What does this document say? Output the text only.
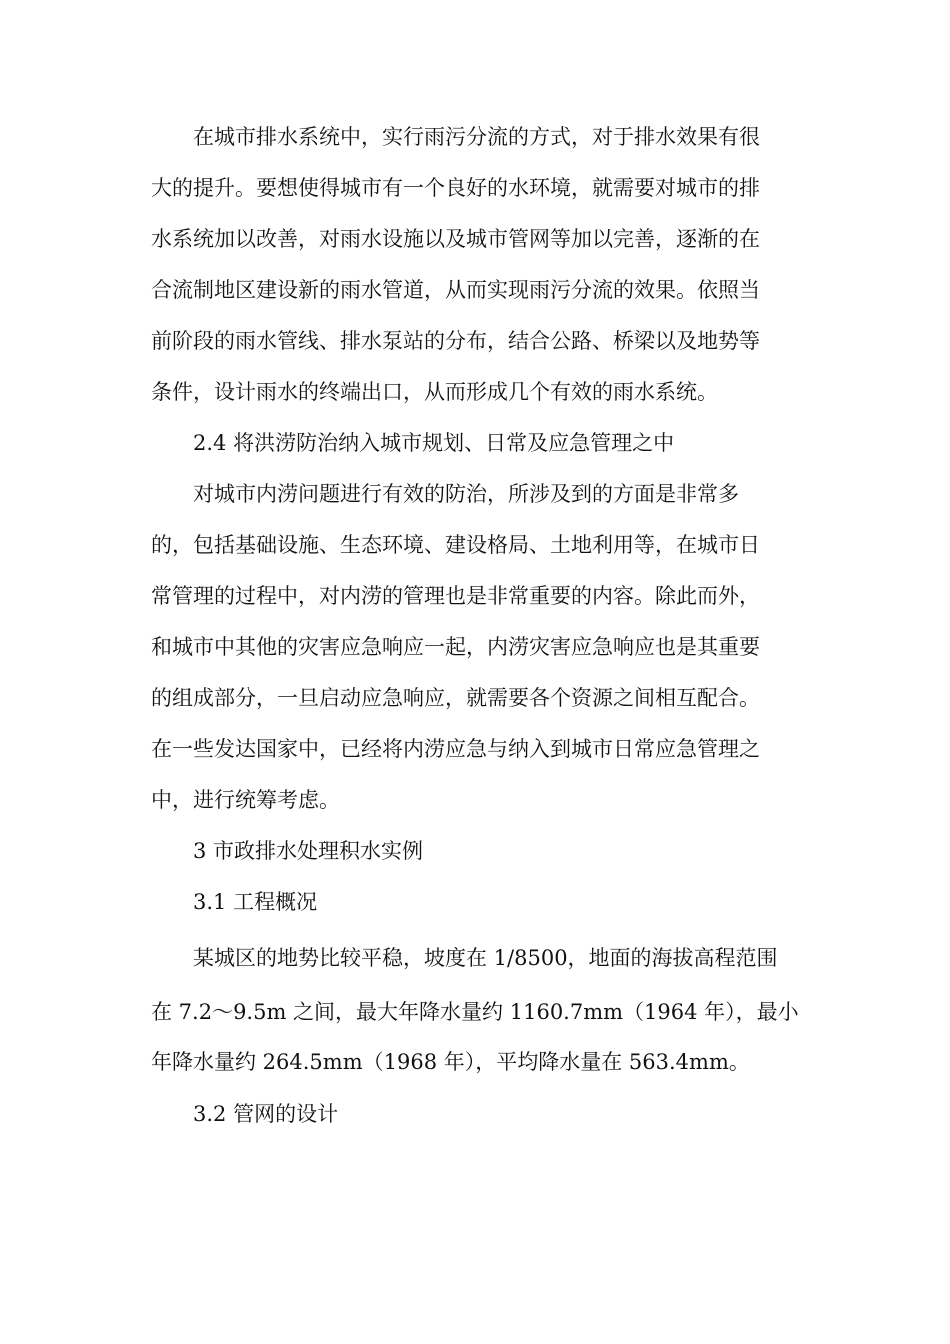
　　在城市排水系统中，实行雨污分流的方式，对于排水效果有很
大的提升。要想使得城市有一个良好的水环境，就需要对城市的排
水系统加以改善，对雨水设施以及城市管网等加以完善，逐渐的在
合流制地区建设新的雨水管道，从而实现雨污分流的效果。依照当
前阶段的雨水管线、排水泵站的分布，结合公路、桥梁以及地势等
条件，设计雨水的终端出口，从而形成几个有效的雨水系统。
　　2.4 将洪涝防治纳入城市规划、日常及应急管理之中
　　对城市内涝问题进行有效的防治，所涉及到的方面是非常多
的，包括基础设施、生态环境、建设格局、土地利用等，在城市日
常管理的过程中，对内涝的管理也是非常重要的内容。除此而外，
和城市中其他的灾害应急响应一起，内涝灾害应急响应也是其重要
的组成部分，一旦启动应急响应，就需要各个资源之间相互配合。
在一些发达国家中，已经将内涝应急与纳入到城市日常应急管理之
中，进行统筹考虑。
　　3 市政排水处理积水实例
　　3.1 工程概况
　　某城区的地势比较平稳，坡度在 1/8500，地面的海拔高程范围
在 7.2～9.5m 之间，最大年降水量约 1160.7mm（1964 年），最小
年降水量约 264.5mm（1968 年），平均降水量在 563.4mm。
　　3.2 管网的设计
